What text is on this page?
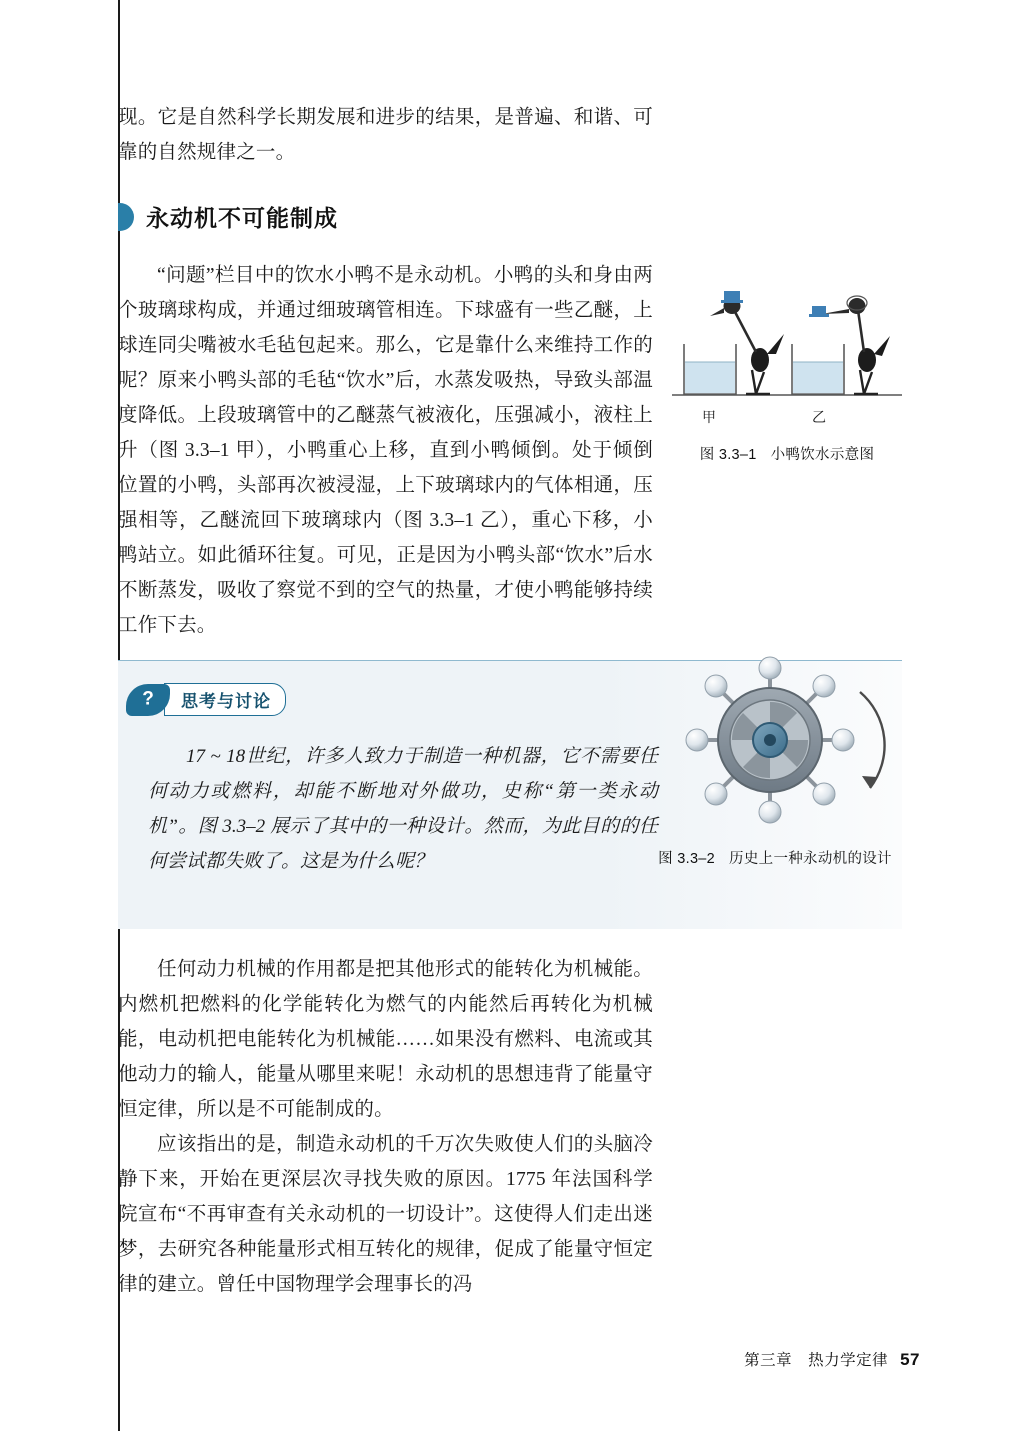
现。它是自然科学长期发展和进步的结果，是普遍、和谐、可靠的自然规律之一。

永动机不可能制成

“问题”栏目中的饮水小鸭不是永动机。小鸭的头和身由两个玻璃球构成，并通过细玻璃管相连。下球盛有一些乙醚，上球连同尖嘴被水毛毡包起来。那么，它是靠什么来维持工作的呢？原来小鸭头部的毛毡“饮水”后，水蒸发吸热，导致头部温度降低。上段玻璃管中的乙醚蒸气被液化，压强减小，液柱上升（图 3.3–1 甲），小鸭重心上移，直到小鸭倾倒。处于倾倒位置的小鸭，头部再次被浸湿，上下玻璃球内的气体相通，压强相等，乙醚流回下玻璃球内（图 3.3–1 乙），重心下移，小鸭站立。如此循环往复。可见，正是因为小鸭头部“饮水”后水不断蒸发，吸收了察觉不到的空气的热量，才使小鸭能够持续工作下去。

甲	乙
图 3.3–1 小鸭饮水示意图
?
思考与讨论

17 ~ 18世纪，许多人致力于制造一种机器，它不需要任何动力或燃料，却能不断地对外做功，史称“第一类永动机”。图 3.3–2 展示了其中的一种设计。然而，为此目的的任何尝试都失败了。这是为什么呢？	图 3.3–2 历史上一种永动机的设计

任何动力机械的作用都是把其他形式的能转化为机械能。内燃机把燃料的化学能转化为燃气的内能然后再转化为机械能，电动机把电能转化为机械能……如果没有燃料、电流或其他动力的输人，能量从哪里来呢！永动机的思想违背了能量守恒定律，所以是不可能制成的。

应该指出的是，制造永动机的千万次失败使人们的头脑冷静下来，开始在更深层次寻找失败的原因。1775 年法国科学院宣布“不再审查有关永动机的一切设计”。这使得人们走出迷梦，去研究各种能量形式相互转化的规律，促成了能量守恒定律的建立。曾任中国物理学会理事长的冯

第三章　热力学定律 57
